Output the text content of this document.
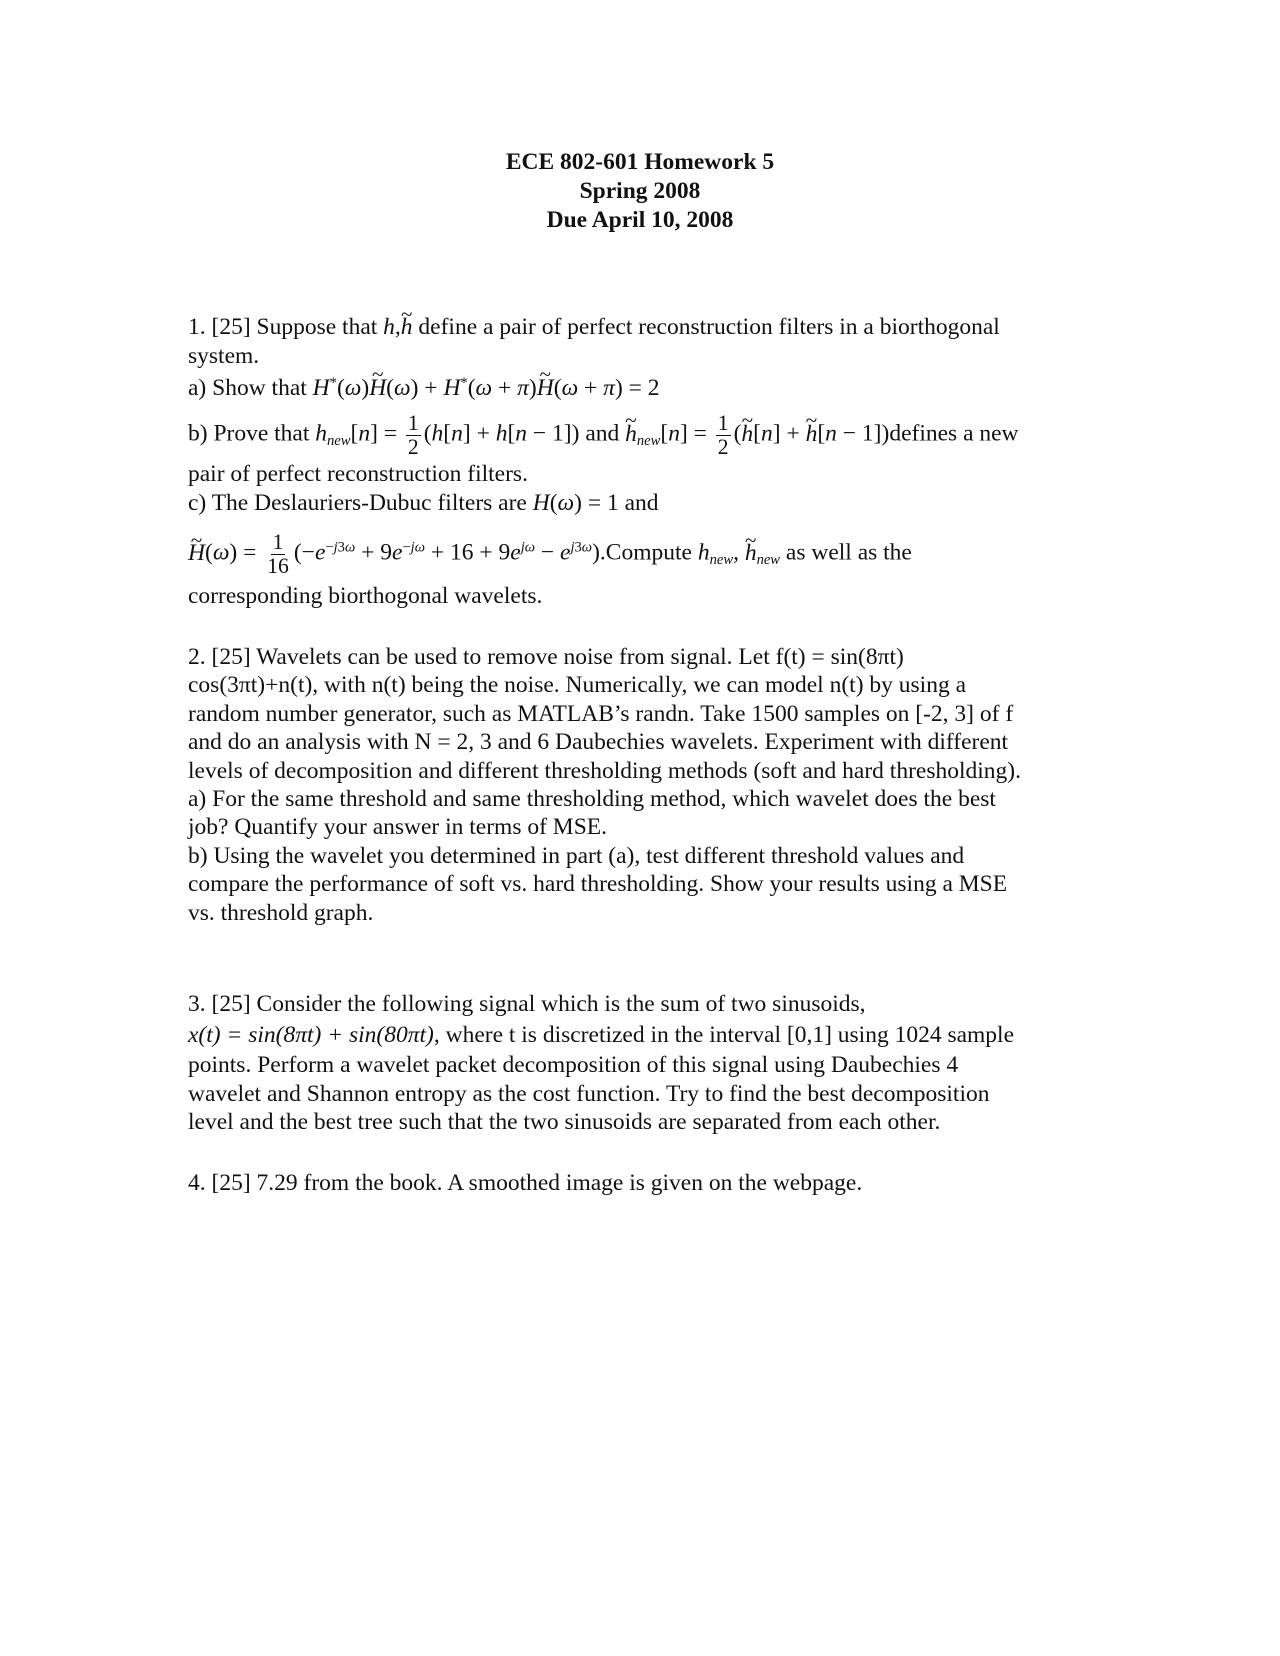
ECE 802-601 Homework 5
Spring 2008
Due April 10, 2008
1. [25] Suppose that h,~ h define a pair of perfect reconstruction filters in a biorthogonal
system.
a) Show that H*(ω)~ H(ω) + H*(ω + π)~ H(ω + π) = 2
b) Prove that $h_{new}[n] = \frac{1}{2} (h[n] + h[n - 1])$ and ~ $h_{new}[n] = \frac{1}{2}$ (~ h[n] + ~ h[n − 1])defines a new
pair of perfect reconstruction filters.
c) The Deslauriers-Dubuc filters are H(ω) = 1 and
~ $H(\omega) = \frac{1}{16} (-e^{-j3\omega} + 9e^{-j\omega} + 16 + 9e^{j\omega}$ − $e^{j3\omega}).Compute$ $h_{new}$, ~ $h_{new}$ as well as the
corresponding biorthogonal wavelets.
2. [25] Wavelets can be used to remove noise from signal. Let f(t) = sin(8πt)
cos(3πt)+n(t), with n(t) being the noise. Numerically, we can model n(t) by using a
random number generator, such as MATLAB’s randn. Take 1500 samples on [-2, 3] of f
and do an analysis with N = 2, 3 and 6 Daubechies wavelets. Experiment with different
levels of decomposition and different thresholding methods (soft and hard thresholding).
a) For the same threshold and same thresholding method, which wavelet does the best
job? Quantify your answer in terms of MSE.
b) Using the wavelet you determined in part (a), test different threshold values and
compare the performance of soft vs. hard thresholding. Show your results using a MSE
vs. threshold graph.
3. [25] Consider the following signal which is the sum of two sinusoids,
x(t) = sin(8πt) + sin(80πt), where t is discretized in the interval [0,1] using 1024 sample
points. Perform a wavelet packet decomposition of this signal using Daubechies 4
wavelet and Shannon entropy as the cost function. Try to find the best decomposition
level and the best tree such that the two sinusoids are separated from each other.
4. [25] 7.29 from the book. A smoothed image is given on the webpage.
